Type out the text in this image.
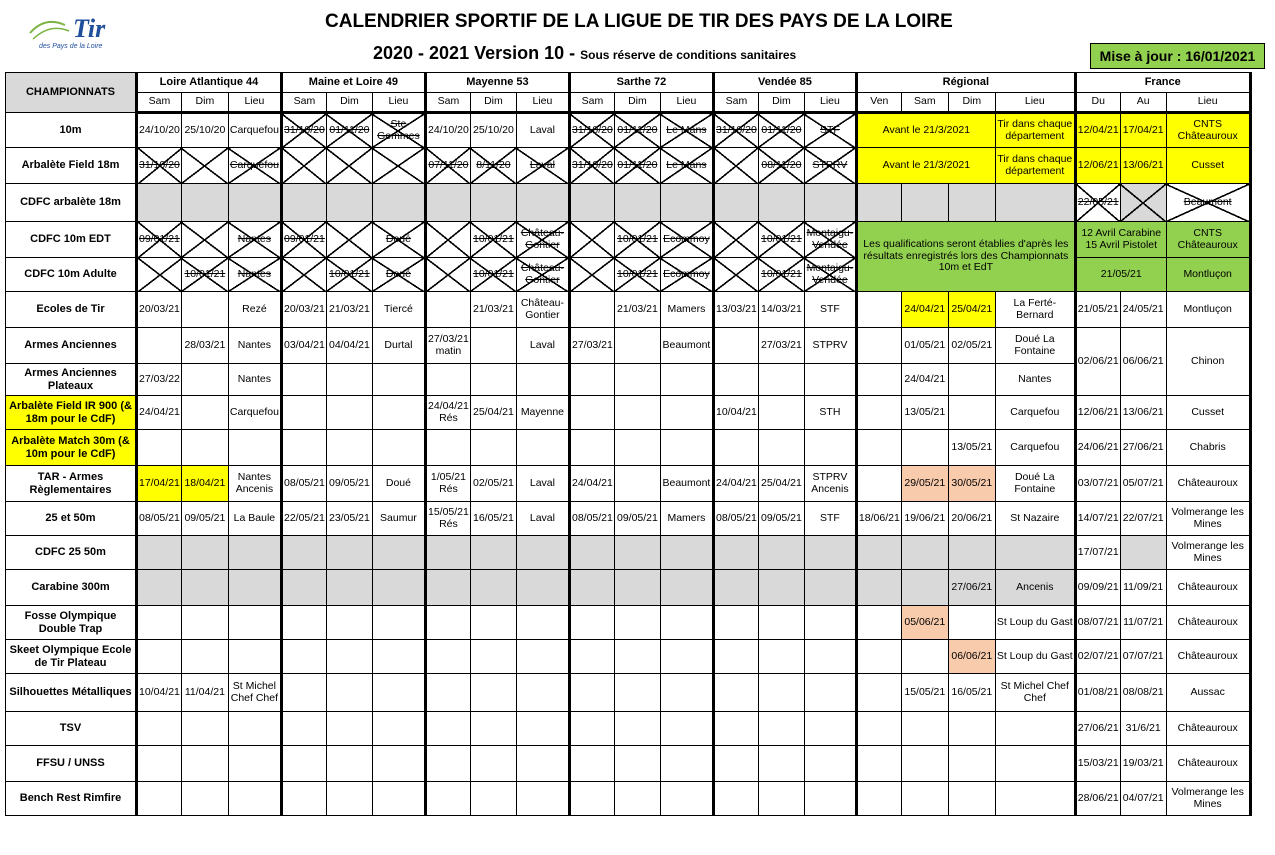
Tir
des Pays de la Loire
CALENDRIER SPORTIF DE LA LIGUE DE TIR DES PAYS DE LA LOIRE
2020 - 2021 Version 10 - Sous réserve de conditions sanitaires	Mise à jour : 16/01/2021
CHAMPIONNATS	Loire Atlantique 44			Maine et Loire 49			Mayenne 53			Sarthe 72			Vendée 85			Régional				France		
	Sam	Dim	Lieu	Sam	Dim	Lieu	Sam	Dim	Lieu	Sam	Dim	Lieu	Sam	Dim	Lieu	Ven	Sam	Dim	Lieu	Du	Au	Lieu
10m	24/10/20	25/10/20	Carquefou	31/10/20	01/11/20	Ste Gemmes	24/10/20	25/10/20	Laval	31/10/20	01/11/20	Le Mans	31/10/20	01/11/20	STF	Avant le 21/3/2021			Tir dans chaque département	12/04/21	17/04/21	CNTS Châteauroux
Arbalète Field 18m	31/10/20		Carquefou				07/11/20	8/11/20	Laval	31/10/20	01/11/20	Le Mans		08/11/20	STPRV	Avant le 21/3/2021			Tir dans chaque département	12/06/21	13/06/21	Cusset
CDFC arbalète 18m																				22/05/21		Beaumont
CDFC 10m EDT	09/01/21		Nantes	09/01/21		Doué		10/01/21	Château-Gontier		10/01/21	Ecommoy		10/01/21	Montaigu-Vendée	Les qualifications seront établies d'après les résultats enregistrés lors des Championnats 10m et EdT				12 Avril Carabine 15 Avril Pistolet		CNTS Châteauroux
CDFC 10m Adulte		10/01/21	Nantes		10/01/21	Doué		10/01/21	Château-Gontier		10/01/21	Ecommoy		10/01/21	Montaigu-Vendée					21/05/21		Montluçon
Ecoles de Tir	20/03/21		Rezé	20/03/21	21/03/21	Tiercé		21/03/21	Château-Gontier		21/03/21	Mamers	13/03/21	14/03/21	STF		24/04/21	25/04/21	La Ferté-Bernard	21/05/21	24/05/21	Montluçon
Armes Anciennes		28/03/21	Nantes	03/04/21	04/04/21	Durtal	27/03/21 matin		Laval	27/03/21		Beaumont		27/03/21	STPRV		01/05/21	02/05/21	Doué La Fontaine	02/06/21	06/06/21	Chinon
Armes Anciennes Plateaux	27/03/22		Nantes														24/04/21		Nantes			
Arbalète Field IR 900 (& 18m pour le CdF)	24/04/21		Carquefou				24/04/21 Rés	25/04/21	Mayenne				10/04/21		STH		13/05/21		Carquefou	12/06/21	13/06/21	Cusset
Arbalète Match 30m (& 10m pour le CdF)																		13/05/21	Carquefou	24/06/21	27/06/21	Chabris
TAR - Armes Règlementaires	17/04/21	18/04/21	Nantes Ancenis	08/05/21	09/05/21	Doué	1/05/21 Rés	02/05/21	Laval	24/04/21		Beaumont	24/04/21	25/04/21	STPRV Ancenis		29/05/21	30/05/21	Doué La Fontaine	03/07/21	05/07/21	Châteauroux
25 et 50m	08/05/21	09/05/21	La Baule	22/05/21	23/05/21	Saumur	15/05/21 Rés	16/05/21	Laval	08/05/21	09/05/21	Mamers	08/05/21	09/05/21	STF	18/06/21	19/06/21	20/06/21	St Nazaire	14/07/21	22/07/21	Volmerange les Mines
CDFC 25 50m																				17/07/21		Volmerange les Mines
Carabine 300m																		27/06/21	Ancenis	09/09/21	11/09/21	Châteauroux
Fosse Olympique Double Trap																	05/06/21		St Loup du Gast	08/07/21	11/07/21	Châteauroux
Skeet Olympique Ecole de Tir Plateau																		06/06/21	St Loup du Gast	02/07/21	07/07/21	Châteauroux
Silhouettes Métalliques	10/04/21	11/04/21	St Michel Chef Chef														15/05/21	16/05/21	St Michel Chef Chef	01/08/21	08/08/21	Aussac
TSV																				27/06/21	31/6/21	Châteauroux
FFSU / UNSS																				15/03/21	19/03/21	Châteauroux
Bench Rest Rimfire																				28/06/21	04/07/21	Volmerange les Mines
